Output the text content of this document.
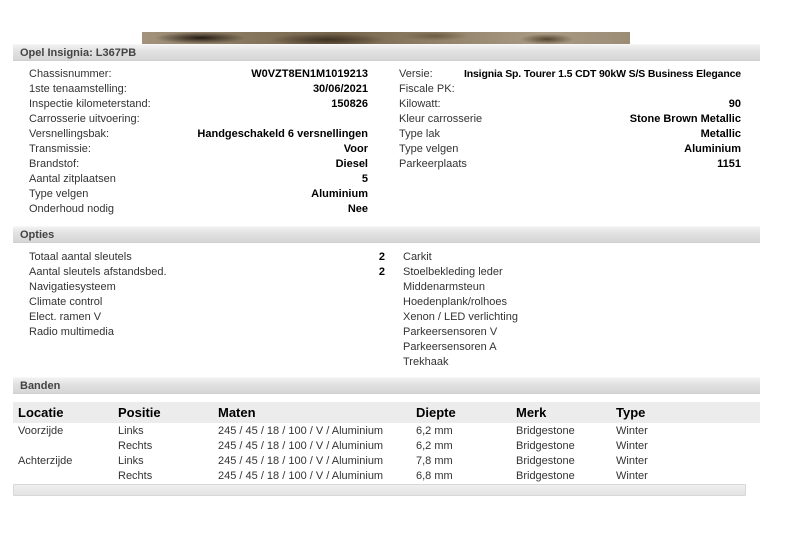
Opel Insignia: L367PB
Chassisnummer:	W0VZT8EN1M1019213
1ste tenaamstelling:	30/06/2021
Inspectie kilometerstand:	150826
Carrosserie uitvoering:
Versnellingsbak:	Handgeschakeld 6 versnellingen
Transmissie:	Voor
Brandstof:	Diesel
Aantal zitplaatsen	5
Type velgen	Aluminium
Onderhoud nodig	Nee
Versie:	Insignia Sp. Tourer 1.5 CDT 90kW S/S Business Elegance
Fiscale PK:
Kilowatt:	90
Kleur carrosserie	Stone Brown Metallic
Type lak	Metallic
Type velgen	Aluminium
Parkeerplaats	1151
Opties
Totaal aantal sleutels	2
Aantal sleutels afstandsbed.	2
Navigatiesysteem
Climate control
Elect. ramen V
Radio multimedia
Carkit
Stoelbekleding leder
Middenarmsteun
Hoedenplank/rolhoes
Xenon / LED verlichting
Parkeersensoren V
Parkeersensoren A
Trekhaak
Banden
Locatie	Positie	Maten	Diepte	Merk	Type
Voorzijde	Links	245 / 45 / 18 / 100 / V / Aluminium	6,2 mm	Bridgestone	Winter
	Rechts	245 / 45 / 18 / 100 / V / Aluminium	6,2 mm	Bridgestone	Winter
Achterzijde	Links	245 / 45 / 18 / 100 / V / Aluminium	7,8 mm	Bridgestone	Winter
	Rechts	245 / 45 / 18 / 100 / V / Aluminium	6,8 mm	Bridgestone	Winter
